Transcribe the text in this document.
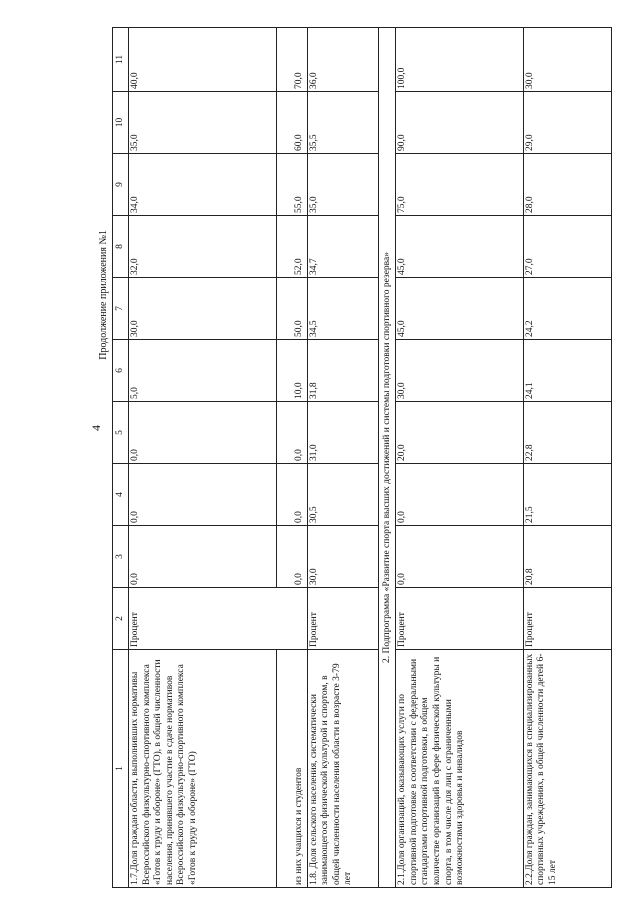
4
Продолжение приложения №1
1	2	3	4	5	6	7	8	9	10	11
1.7.Доля граждан области, выполнивших нормативы Всероссийского физкультурно-спортивного комплекса «Готов к труду и обороне» (ГТО), в общей численности населения, принявшего участие в сдаче нормативов Всероссийского физкультурно-спортивного комплекса «Готов к труду и обороне» (ГТО)	Процент	0,0	0,0	0,0	5,0	30,0	32,0	34,0	35,0	40,0
из них учащихся и студентов		0,0	0,0	0,0	10,0	50,0	52,0	55,0	60,0	70,0
1.8. Доля сельского населения, систематически занимающегося физической культурой и спортом, в общей численности населения области в возрасте 3-79 лет	Процент	30,0	30,5	31,0	31,8	34,5	34,7	35,0	35,5	36,0
2. Подпрограмма «Развитие спорта высших достижений и системы подготовки спортивного резерва»										
2.1.Доля организаций, оказывающих услуги по спортивной подготовке в соответствии с федеральными стандартами спортивной подготовки, в общем количестве организаций в сфере физической культуры и спорта, в том числе для лиц с ограниченными возможностями здоровья и инвалидов	Процент	0,0	0,0	20,0	30,0	45,0	45,0	75,0	90,0	100,0
2.2.Доля граждан, занимающихся в специализированных спортивных учреждениях, в общей численности детей 6-15 лет	Процент	20,8	21,5	22,8	24,1	24,2	27,0	28,0	29,0	30,0
